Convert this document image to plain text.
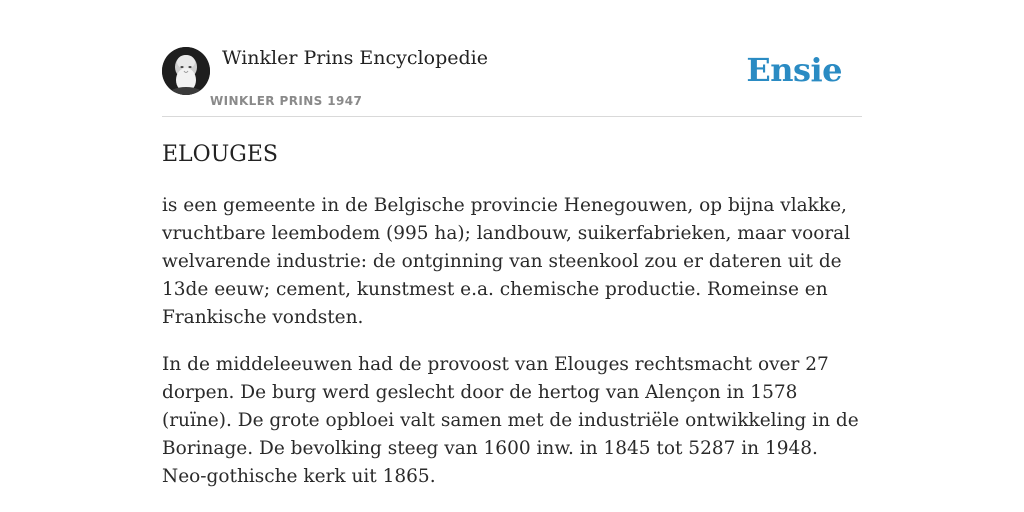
Winkler Prins Encyclopedie
WINKLER PRINS 1947
Ensie
ELOUGES

is een gemeente in de Belgische provincie Henegouwen, op bijna vlakke, vruchtbare leembodem (995 ha); landbouw, suikerfabrieken, maar vooral welvarende industrie: de ontginning van steenkool zou er dateren uit de 13de eeuw; cement, kunstmest e.a. chemische productie. Romeinse en Frankische vondsten.

In de middeleeuwen had de provoost van Elouges rechtsmacht over 27 dorpen. De burg werd geslecht door de hertog van Alençon in 1578 (ruïne). De grote opbloei valt samen met de industriële ontwikkeling in de Borinage. De bevolking steeg van 1600 inw. in 1845 tot 5287 in 1948. Neo-gothische kerk uit 1865.
